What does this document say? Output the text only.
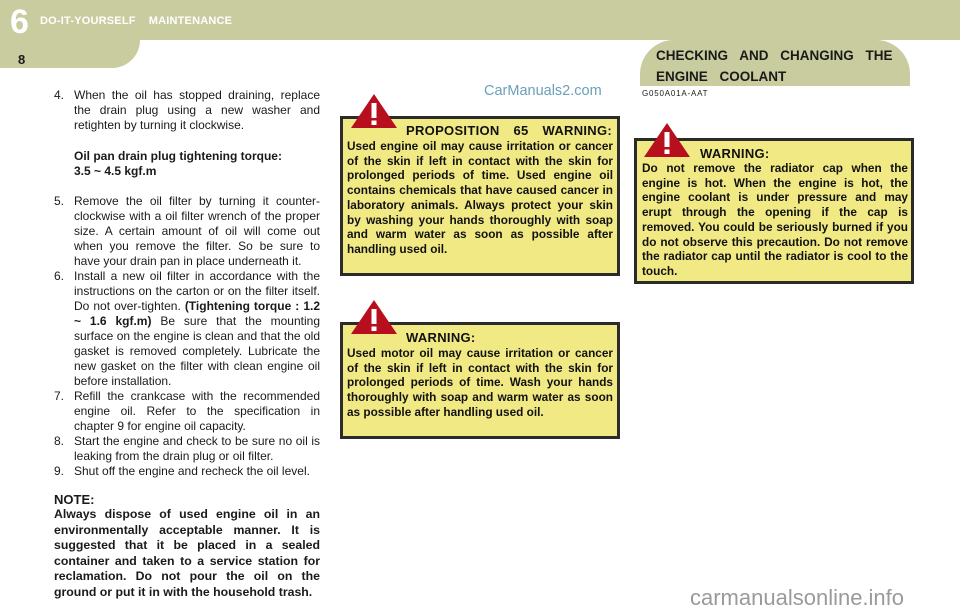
6 DO-IT-YOURSELF    MAINTENANCE
8	CHECKING AND CHANGING THE ENGINE COOLANT
G050A01A-AAT
CarManuals2.com
carmanualsonline.info
4. When the oil has stopped draining, replace the drain plug using a new washer and retighten by turning it clockwise.
Oil pan drain plug tightening torque:
3.5 ~ 4.5 kgf.m
5. Remove the oil filter by turning it counter-clockwise with a oil filter wrench of the proper size. A certain amount of oil will come out when you remove the filter. So be sure to have your drain pan in place underneath it.
6. Install a new oil filter in accordance with the instructions on the carton or on the filter itself. Do not over-tighten. (Tightening torque : 1.2 ~ 1.6 kgf.m) Be sure that the mounting surface on the engine is clean and that the old gasket is removed completely. Lubricate the new gasket on the filter with clean engine oil before installation.
7. Refill the crankcase with the recommended engine oil. Refer to the specification in chapter 9 for engine oil capacity.
8. Start the engine and check to be sure no oil is leaking from the drain plug or oil filter.
9. Shut off the engine and recheck the oil level.
NOTE:
Always dispose of used engine oil in an environmentally acceptable manner. It is suggested that it be placed in a sealed container and taken to a service station for reclamation. Do not pour the oil on the ground or put it in with the household trash.
PROPOSITION 65 WARNING:
Used engine oil may cause irritation or cancer of the skin if left in contact with the skin for prolonged periods of time. Used engine oil contains chemicals that have caused cancer in laboratory animals. Always protect your skin by washing your hands thoroughly with soap and warm water as soon as possible after handling used oil.
WARNING:
Used motor oil may cause irritation or cancer of the skin if left in contact with the skin for prolonged periods of time. Wash your hands thoroughly with soap and warm water as soon as possible after handling used oil.
WARNING:
Do not remove the radiator cap when the engine is hot. When the engine is hot, the engine coolant is under pressure and may erupt through the opening if the cap is removed. You could be seriously burned if you do not observe this precaution. Do not remove the radiator cap until the radiator is cool to the touch.
